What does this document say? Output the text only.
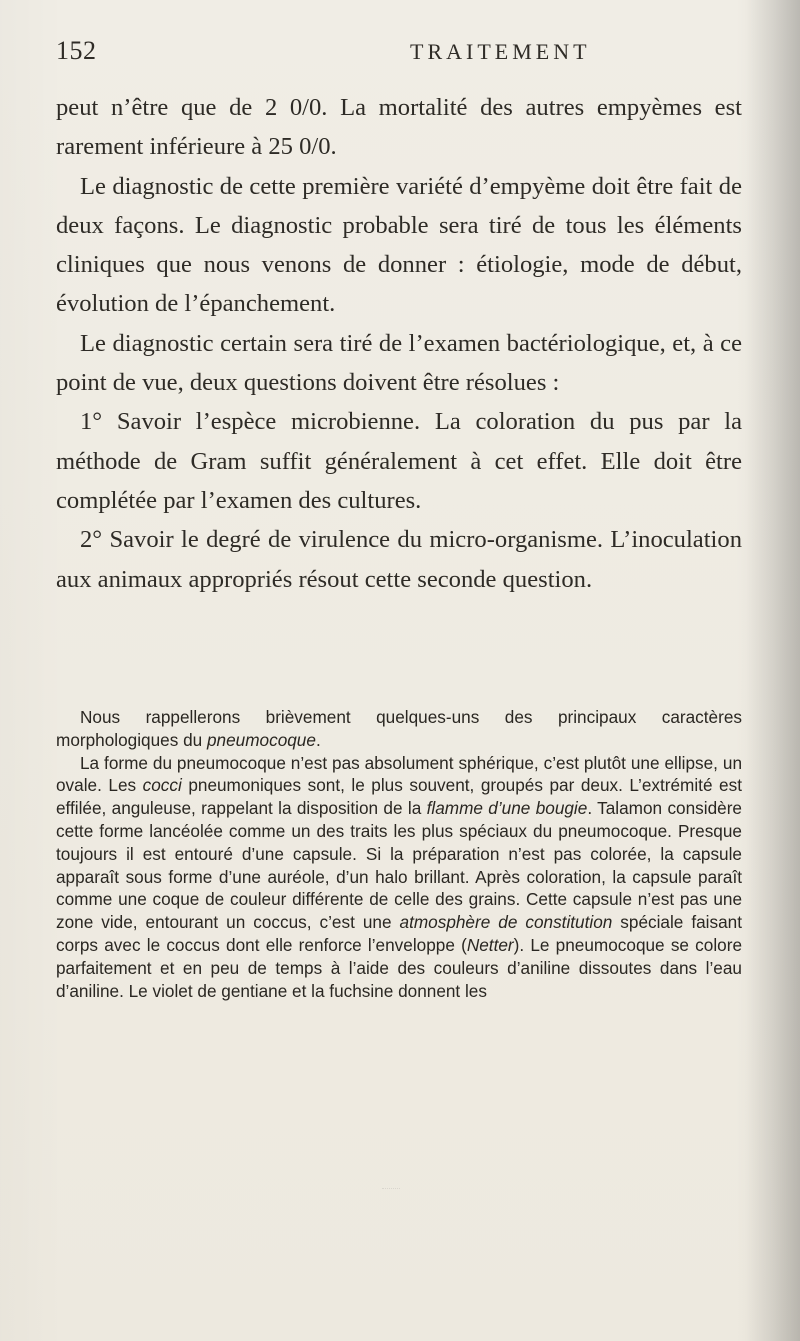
152	TRAITEMENT

peut n’être que de 2 0/0. La mortalité des autres empyèmes est rarement inférieure à 25 0/0.

Le diagnostic de cette première variété d’empyème doit être fait de deux façons. Le diagnostic probable sera tiré de tous les éléments cliniques que nous venons de donner : étiologie, mode de début, évolution de l’épanchement.

Le diagnostic certain sera tiré de l’examen bactériologique, et, à ce point de vue, deux questions doivent être résolues :

1° Savoir l’espèce microbienne. La coloration du pus par la méthode de Gram suffit généralement à cet effet. Elle doit être complétée par l’examen des cultures.

2° Savoir le degré de virulence du micro-organisme. L’inoculation aux animaux appropriés résout cette seconde question.

Nous rappellerons brièvement quelques-uns des principaux caractères morphologiques du pneumocoque.

La forme du pneumocoque n’est pas absolument sphérique, c’est plutôt une ellipse, un ovale. Les cocci pneumoniques sont, le plus souvent, groupés par deux. L’extrémité est effilée, anguleuse, rappelant la disposition de la flamme d’une bougie. Talamon considère cette forme lancéolée comme un des traits les plus spéciaux du pneumocoque. Presque toujours il est entouré d’une capsule. Si la préparation n’est pas colorée, la capsule apparaît sous forme d’une auréole, d’un halo brillant. Après coloration, la capsule paraît comme une coque de couleur différente de celle des grains. Cette capsule n’est pas une zone vide, entourant un coccus, c’est une atmosphère de constitution spéciale faisant corps avec le coccus dont elle renforce l’enveloppe (Netter). Le pneumocoque se colore parfaitement et en peu de temps à l’aide des couleurs d’aniline dissoutes dans l’eau d’aniline. Le violet de gentiane et la fuchsine donnent les
